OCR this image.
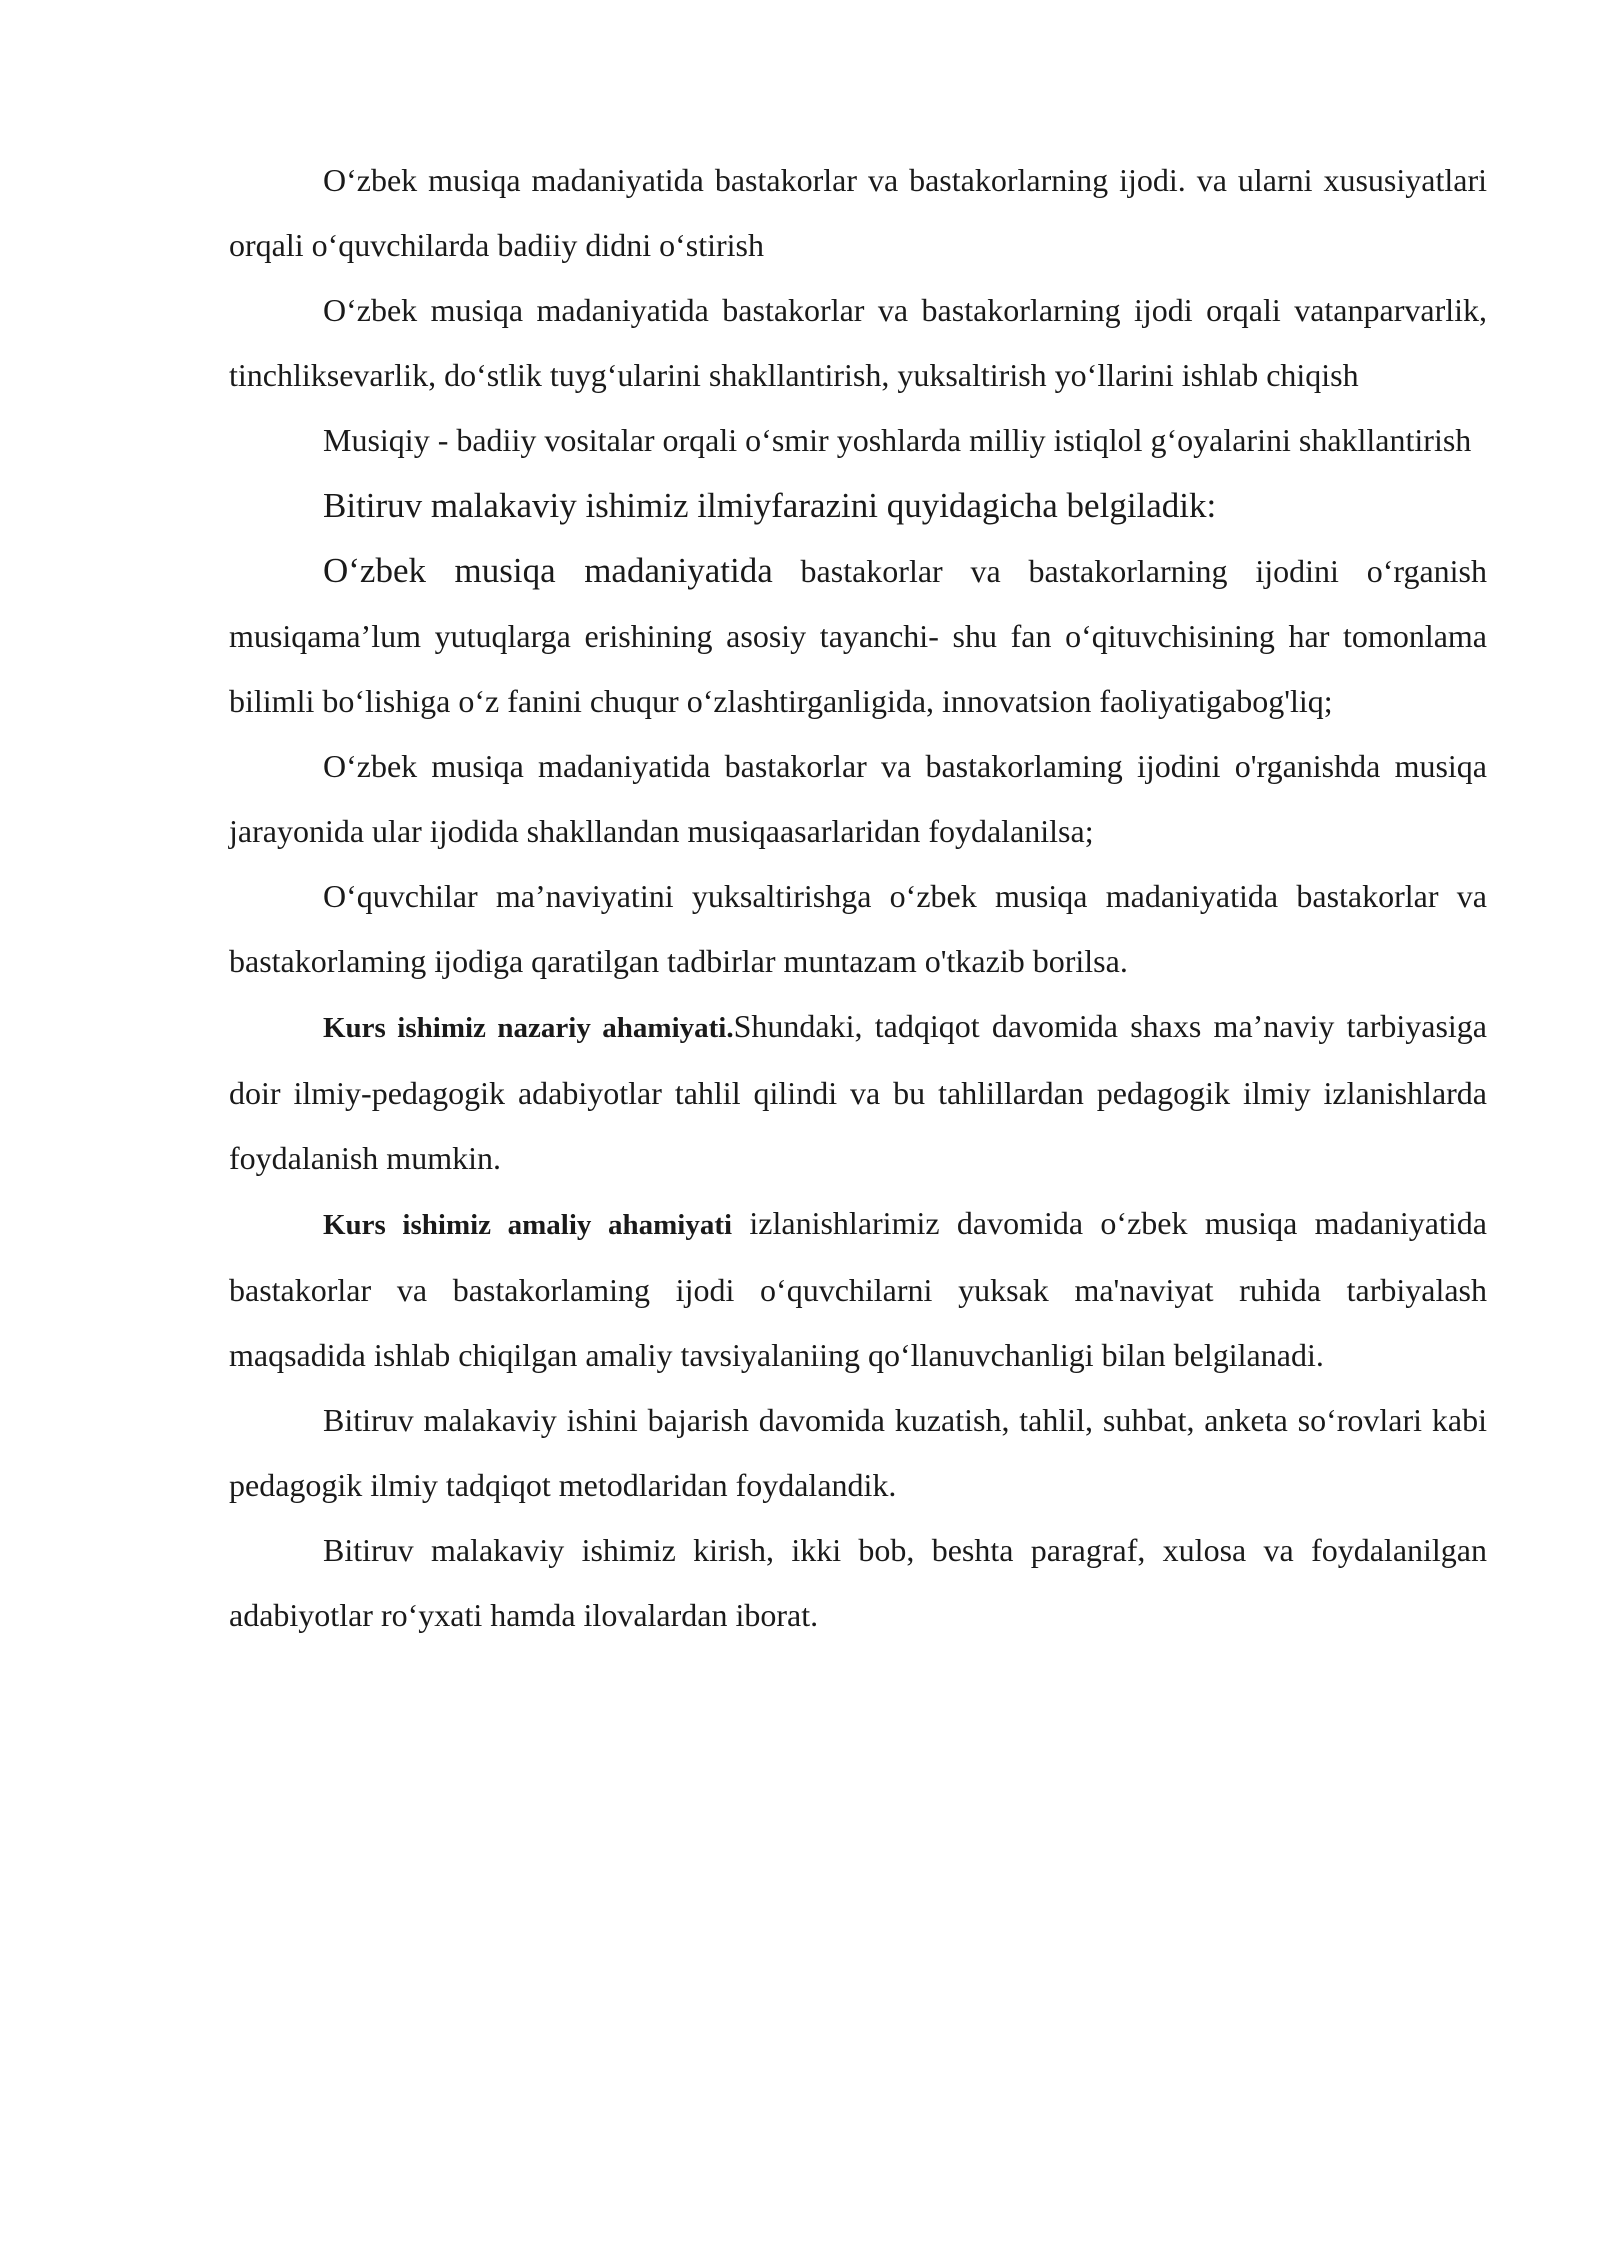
O‘zbek musiqa madaniyatida bastakorlar va bastakorlarning ijodi. va ularni xususiyatlari orqali o‘quvchilarda badiiy didni o‘stirish

O‘zbek musiqa madaniyatida bastakorlar va bastakorlarning ijodi orqali vatanparvarlik, tinchliksevarlik, do‘stlik tuyg‘ularini shakllantirish, yuksaltirish yo‘llarini ishlab chiqish

Musiqiy - badiiy vositalar orqali o‘smir yoshlarda milliy istiqlol g‘oyalarini shakllantirish

Bitiruv malakaviy ishimiz ilmiyfarazini quyidagicha belgiladik:

O‘zbek musiqa madaniyatida bastakorlar va bastakorlarning ijodini o‘rganish musiqama’lum yutuqlarga erishining asosiy tayanchi- shu fan o‘qituvchisining har tomonlama bilimli bo‘lishiga o‘z fanini chuqur o‘zlashtirganligida, innovatsion faoliyatigabog'liq;

O‘zbek musiqa madaniyatida bastakorlar va bastakorlaming ijodini o'rganishda musiqa jarayonida ular ijodida shakllandan musiqaasarlaridan foydalanilsa;

O‘quvchilar ma’naviyatini yuksaltirishga o‘zbek musiqa madaniyatida bastakorlar va bastakorlaming ijodiga qaratilgan tadbirlar muntazam o'tkazib borilsa.

Kurs ishimiz nazariy ahamiyati.Shundaki, tadqiqot davomida shaxs ma’naviy tarbiyasiga doir ilmiy-pedagogik adabiyotlar tahlil qilindi va bu tahlillardan pedagogik ilmiy izlanishlarda foydalanish mumkin.

Kurs ishimiz amaliy ahamiyati izlanishlarimiz davomida o‘zbek musiqa madaniyatida bastakorlar va bastakorlaming ijodi o‘quvchilarni yuksak ma'naviyat ruhida tarbiyalash maqsadida ishlab chiqilgan amaliy tavsiyalaniing qo‘llanuvchanligi bilan belgilanadi.

Bitiruv malakaviy ishini bajarish davomida kuzatish, tahlil, suhbat, anketa so‘rovlari kabi pedagogik ilmiy tadqiqot metodlaridan foydalandik.

Bitiruv malakaviy ishimiz kirish, ikki bob, beshta paragraf, xulosa va foydalanilgan adabiyotlar ro‘yxati hamda ilovalardan iborat.
